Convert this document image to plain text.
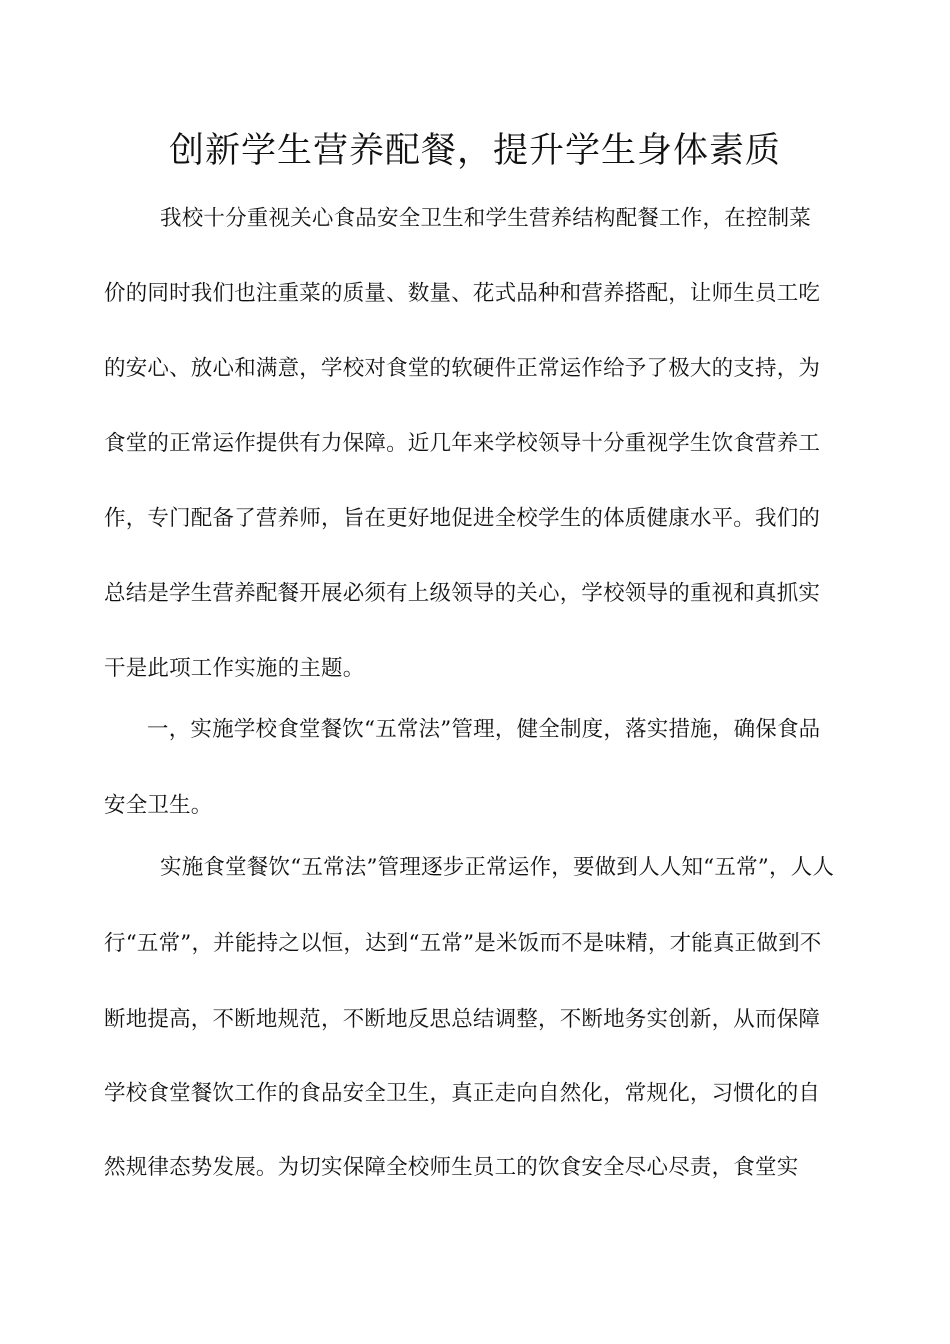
创新学生营养配餐，提升学生身体素质
我校十分重视关心食品安全卫生和学生营养结构配餐工作，在控制菜
价的同时我们也注重菜的质量、数量、花式品种和营养搭配，让师生员工吃
的安心、放心和满意，学校对食堂的软硬件正常运作给予了极大的支持，为
食堂的正常运作提供有力保障。近几年来学校领导十分重视学生饮食营养工
作，专门配备了营养师，旨在更好地促进全校学生的体质健康水平。我们的
总结是学生营养配餐开展必须有上级领导的关心，学校领导的重视和真抓实
干是此项工作实施的主题。
一，实施学校食堂餐饮“五常法”管理，健全制度，落实措施，确保食品
安全卫生。
实施食堂餐饮“五常法”管理逐步正常运作，要做到人人知“五常”，人人
行“五常”，并能持之以恒，达到“五常”是米饭而不是味精，才能真正做到不
断地提高，不断地规范，不断地反思总结调整，不断地务实创新，从而保障
学校食堂餐饮工作的食品安全卫生，真正走向自然化，常规化，习惯化的自
然规律态势发展。为切实保障全校师生员工的饮食安全尽心尽责，食堂实
